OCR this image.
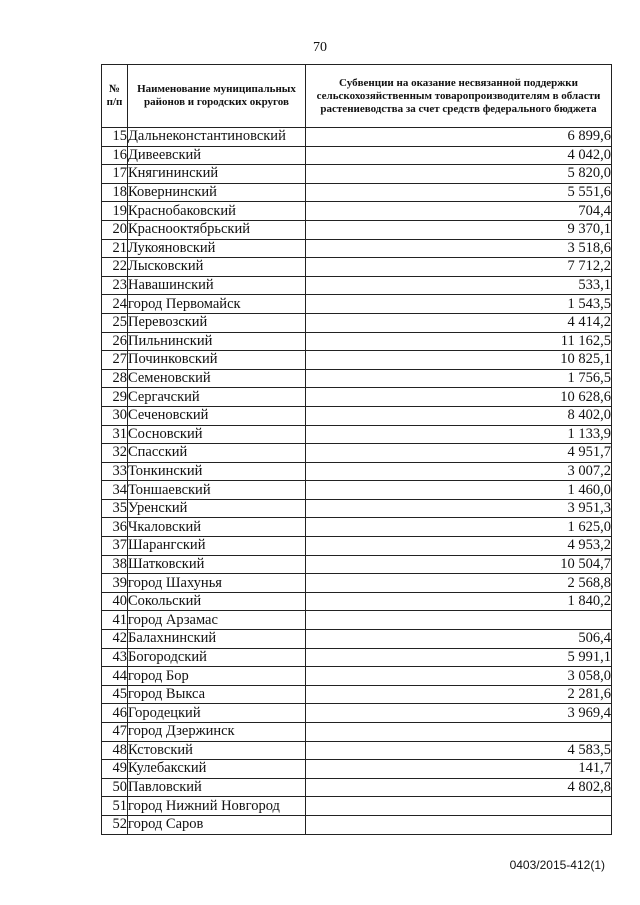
70
№ п/п	Наименование муниципальных районов и городских округов	Субвенции на оказание несвязанной поддержки сельскохозяйственным товаропроизводителям в области растениеводства за счет средств федерального бюджета
15	Дальнеконстантиновский	6 899,6
16	Дивеевский	4 042,0
17	Княгининский	5 820,0
18	Ковернинский	5 551,6
19	Краснобаковский	704,4
20	Краснооктябрьский	9 370,1
21	Лукояновский	3 518,6
22	Лысковский	7 712,2
23	Навашинский	533,1
24	город Первомайск	1 543,5
25	Перевозский	4 414,2
26	Пильнинский	11 162,5
27	Починковский	10 825,1
28	Семеновский	1 756,5
29	Сергачский	10 628,6
30	Сеченовский	8 402,0
31	Сосновский	1 133,9
32	Спасский	4 951,7
33	Тонкинский	3 007,2
34	Тоншаевский	1 460,0
35	Уренский	3 951,3
36	Чкаловский	1 625,0
37	Шарангский	4 953,2
38	Шатковский	10 504,7
39	город Шахунья	2 568,8
40	Сокольский	1 840,2
41	город Арзамас	
42	Балахнинский	506,4
43	Богородский	5 991,1
44	город Бор	3 058,0
45	город Выкса	2 281,6
46	Городецкий	3 969,4
47	город Дзержинск	
48	Кстовский	4 583,5
49	Кулебакский	141,7
50	Павловский	4 802,8
51	город Нижний Новгород	
52	город Саров	
0403/2015-412(1)
